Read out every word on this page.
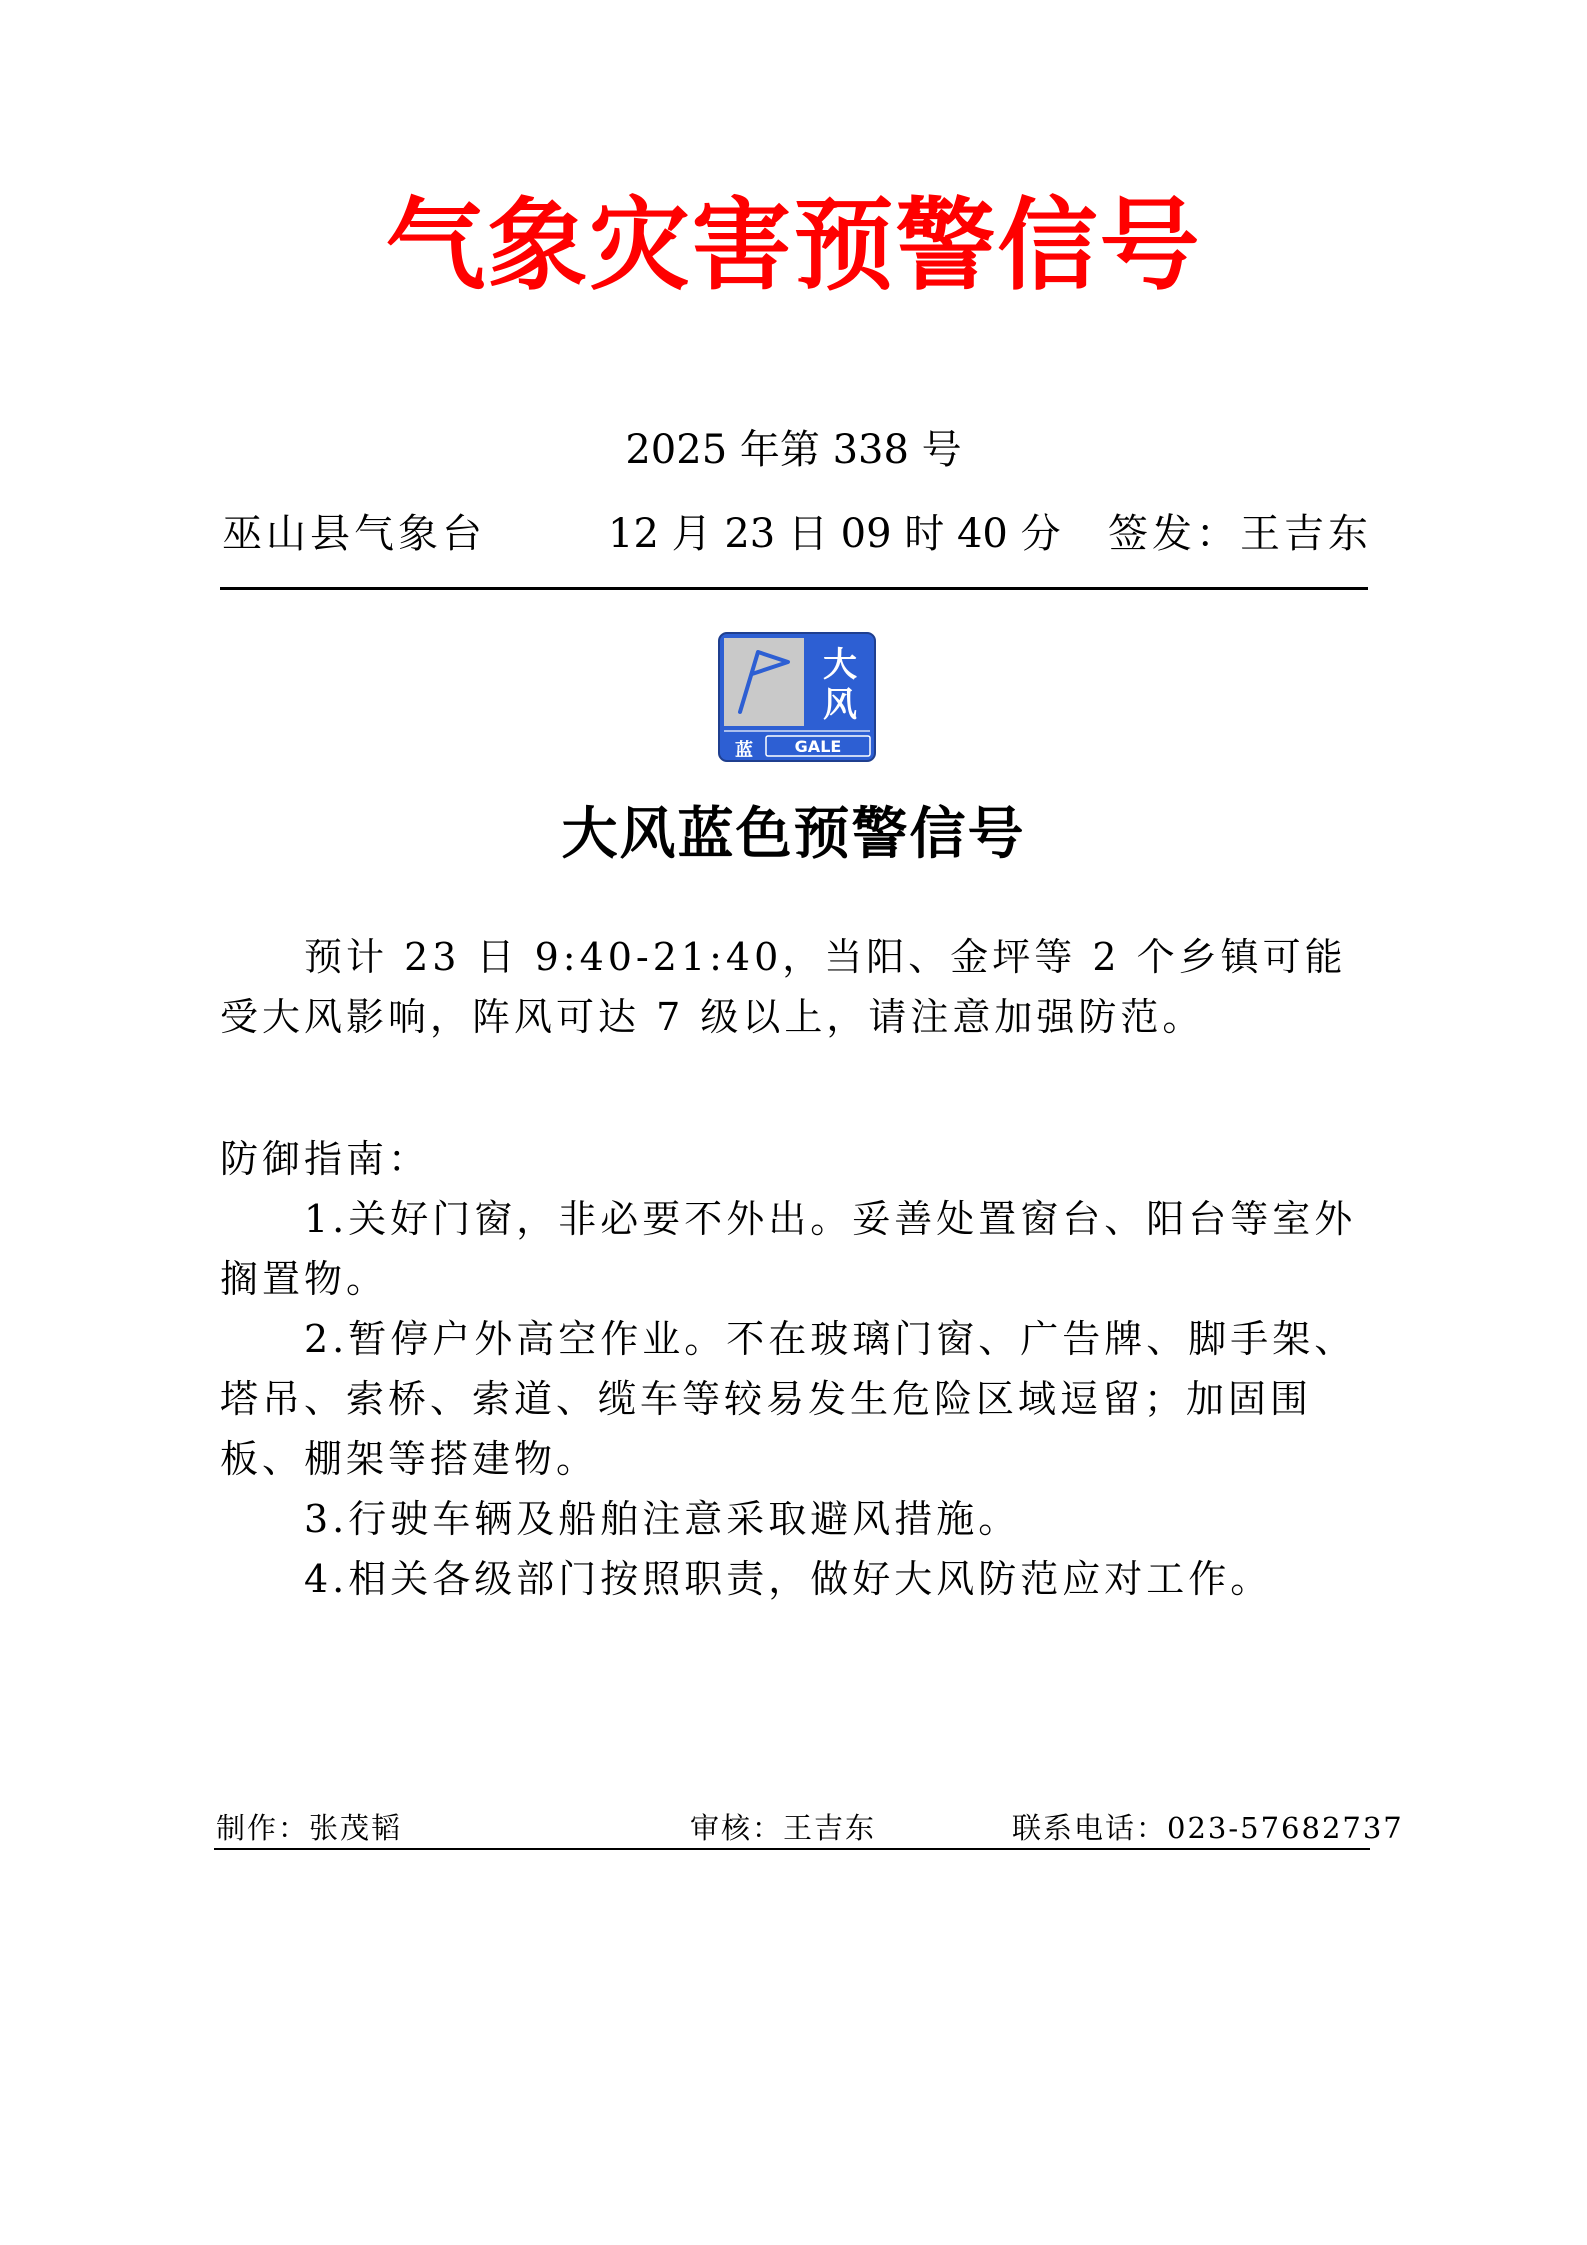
气象灾害预警信号
2025 年第 338 号
巫山县气象台	12 月 23 日 09 时 40 分 签发：王吉东
大
风
蓝	GALE
大风蓝色预警信号

预计 23 日 9:40-21:40，当阳、金坪等 2 个乡镇可能受大风影响，阵风可达 7 级以上，请注意加强防范。

防御指南：

1.关好门窗，非必要不外出。妥善处置窗台、阳台等室外搁置物。

2.暂停户外高空作业。不在玻璃门窗、广告牌、脚手架、塔吊、索桥、索道、缆车等较易发生危险区域逗留；加固围板、棚架等搭建物。

3.行驶车辆及船舶注意采取避风措施。

4.相关各级部门按照职责，做好大风防范应对工作。

制作：张茂韬	审核：王吉东	联系电话：023-57682737
